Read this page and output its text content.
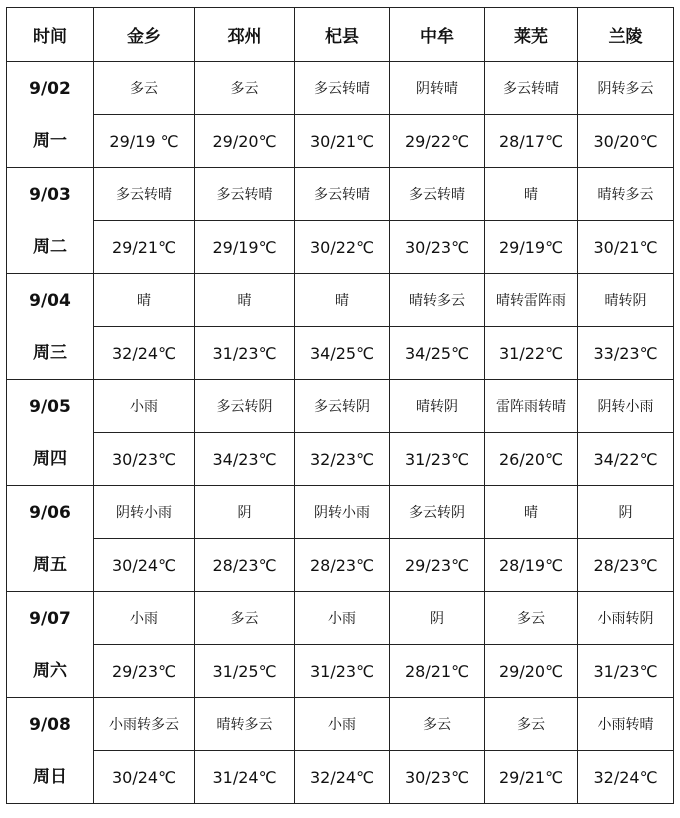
时间	金乡	邳州	杞县	中牟	莱芜	兰陵

9/02
周一	多云	多云	多云转晴	阴转晴	多云转晴	阴转多云
	29/19 ℃	29/20℃	30/21℃	29/22℃	28/17℃	30/20℃

9/03
周二	多云转晴	多云转晴	多云转晴	多云转晴	晴	晴转多云
	29/21℃	29/19℃	30/22℃	30/23℃	29/19℃	30/21℃

9/04
周三	晴	晴	晴	晴转多云	晴转雷阵雨	晴转阴
	32/24℃	31/23℃	34/25℃	34/25℃	31/22℃	33/23℃

9/05
周四	小雨	多云转阴	多云转阴	晴转阴	雷阵雨转晴	阴转小雨
	30/23℃	34/23℃	32/23℃	31/23℃	26/20℃	34/22℃

9/06
周五	阴转小雨	阴	阴转小雨	多云转阴	晴	阴
	30/24℃	28/23℃	28/23℃	29/23℃	28/19℃	28/23℃

9/07
周六	小雨	多云	小雨	阴	多云	小雨转阴
	29/23℃	31/25℃	31/23℃	28/21℃	29/20℃	31/23℃

9/08
周日	小雨转多云	晴转多云	小雨	多云	多云	小雨转晴
	30/24℃	31/24℃	32/24℃	30/23℃	29/21℃	32/24℃
